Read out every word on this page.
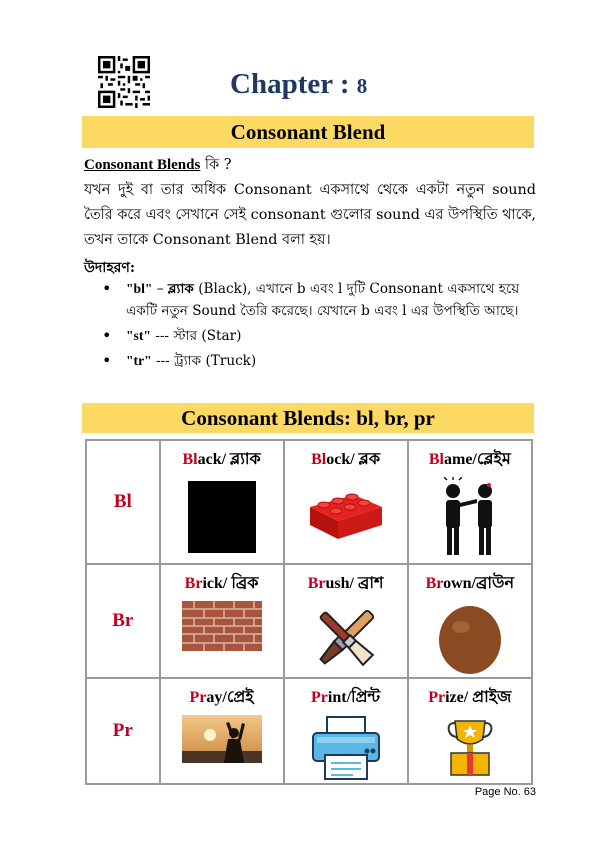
Chapter : 8
Consonant Blend
Consonant Blends কি ?
যখন দুই বা তার অধিক Consonant একসাথে থেকে একটা নতুন sound তৈরি করে এবং সেখানে সেই consonant গুলোর sound এর উপস্থিতি থাকে, তখন তাকে Consonant Blend বলা হয়।
উদাহরণ:
• "bl" – ব্ল্যাক (Black), এখানে b এবং l দুটি Consonant একসাথে হয়ে একটি নতুন Sound তৈরি করেছে। যেখানে b এবং l এর উপস্থিতি আছে।
• "st" --- স্টার (Star)
• "tr" --- ট্র্যাক (Truck)
Consonant Blends: bl, br, pr
Bl	Black/ ব্ল্যাক	Block/ ব্লক	Blame/ব্লেইম

Br	Brick/ ব্রিক	Brush/ ব্রাশ	Brown/ব্রাউন

Pr	Pray/প্রেই	Print/প্রিন্ট	Prize/ প্রাইজ
Page No. 63
